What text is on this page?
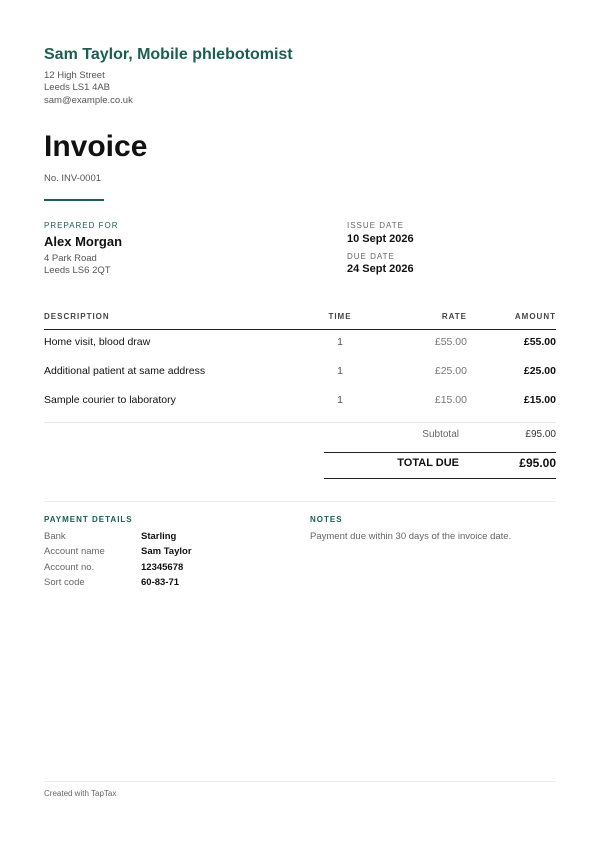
Sam Taylor, Mobile phlebotomist
12 High Street
Leeds LS1 4AB
sam@example.co.uk
Invoice
No. INV-0001
PREPARED FOR
Alex Morgan
4 Park Road
Leeds LS6 2QT
ISSUE DATE
10 Sept 2026
DUE DATE
24 Sept 2026
DESCRIPTION	TIME	RATE	AMOUNT
Home visit, blood draw	1	£55.00	£55.00
Additional patient at same address	1	£25.00	£25.00
Sample courier to laboratory	1	£15.00	£15.00
Subtotal	£95.00
TOTAL DUE	£95.00
PAYMENT DETAILS	NOTES
Bank	Starling
Account name	Sam Taylor
Account no.	12345678
Sort code	60-83-71
Payment due within 30 days of the invoice date.
Created with TapTax
